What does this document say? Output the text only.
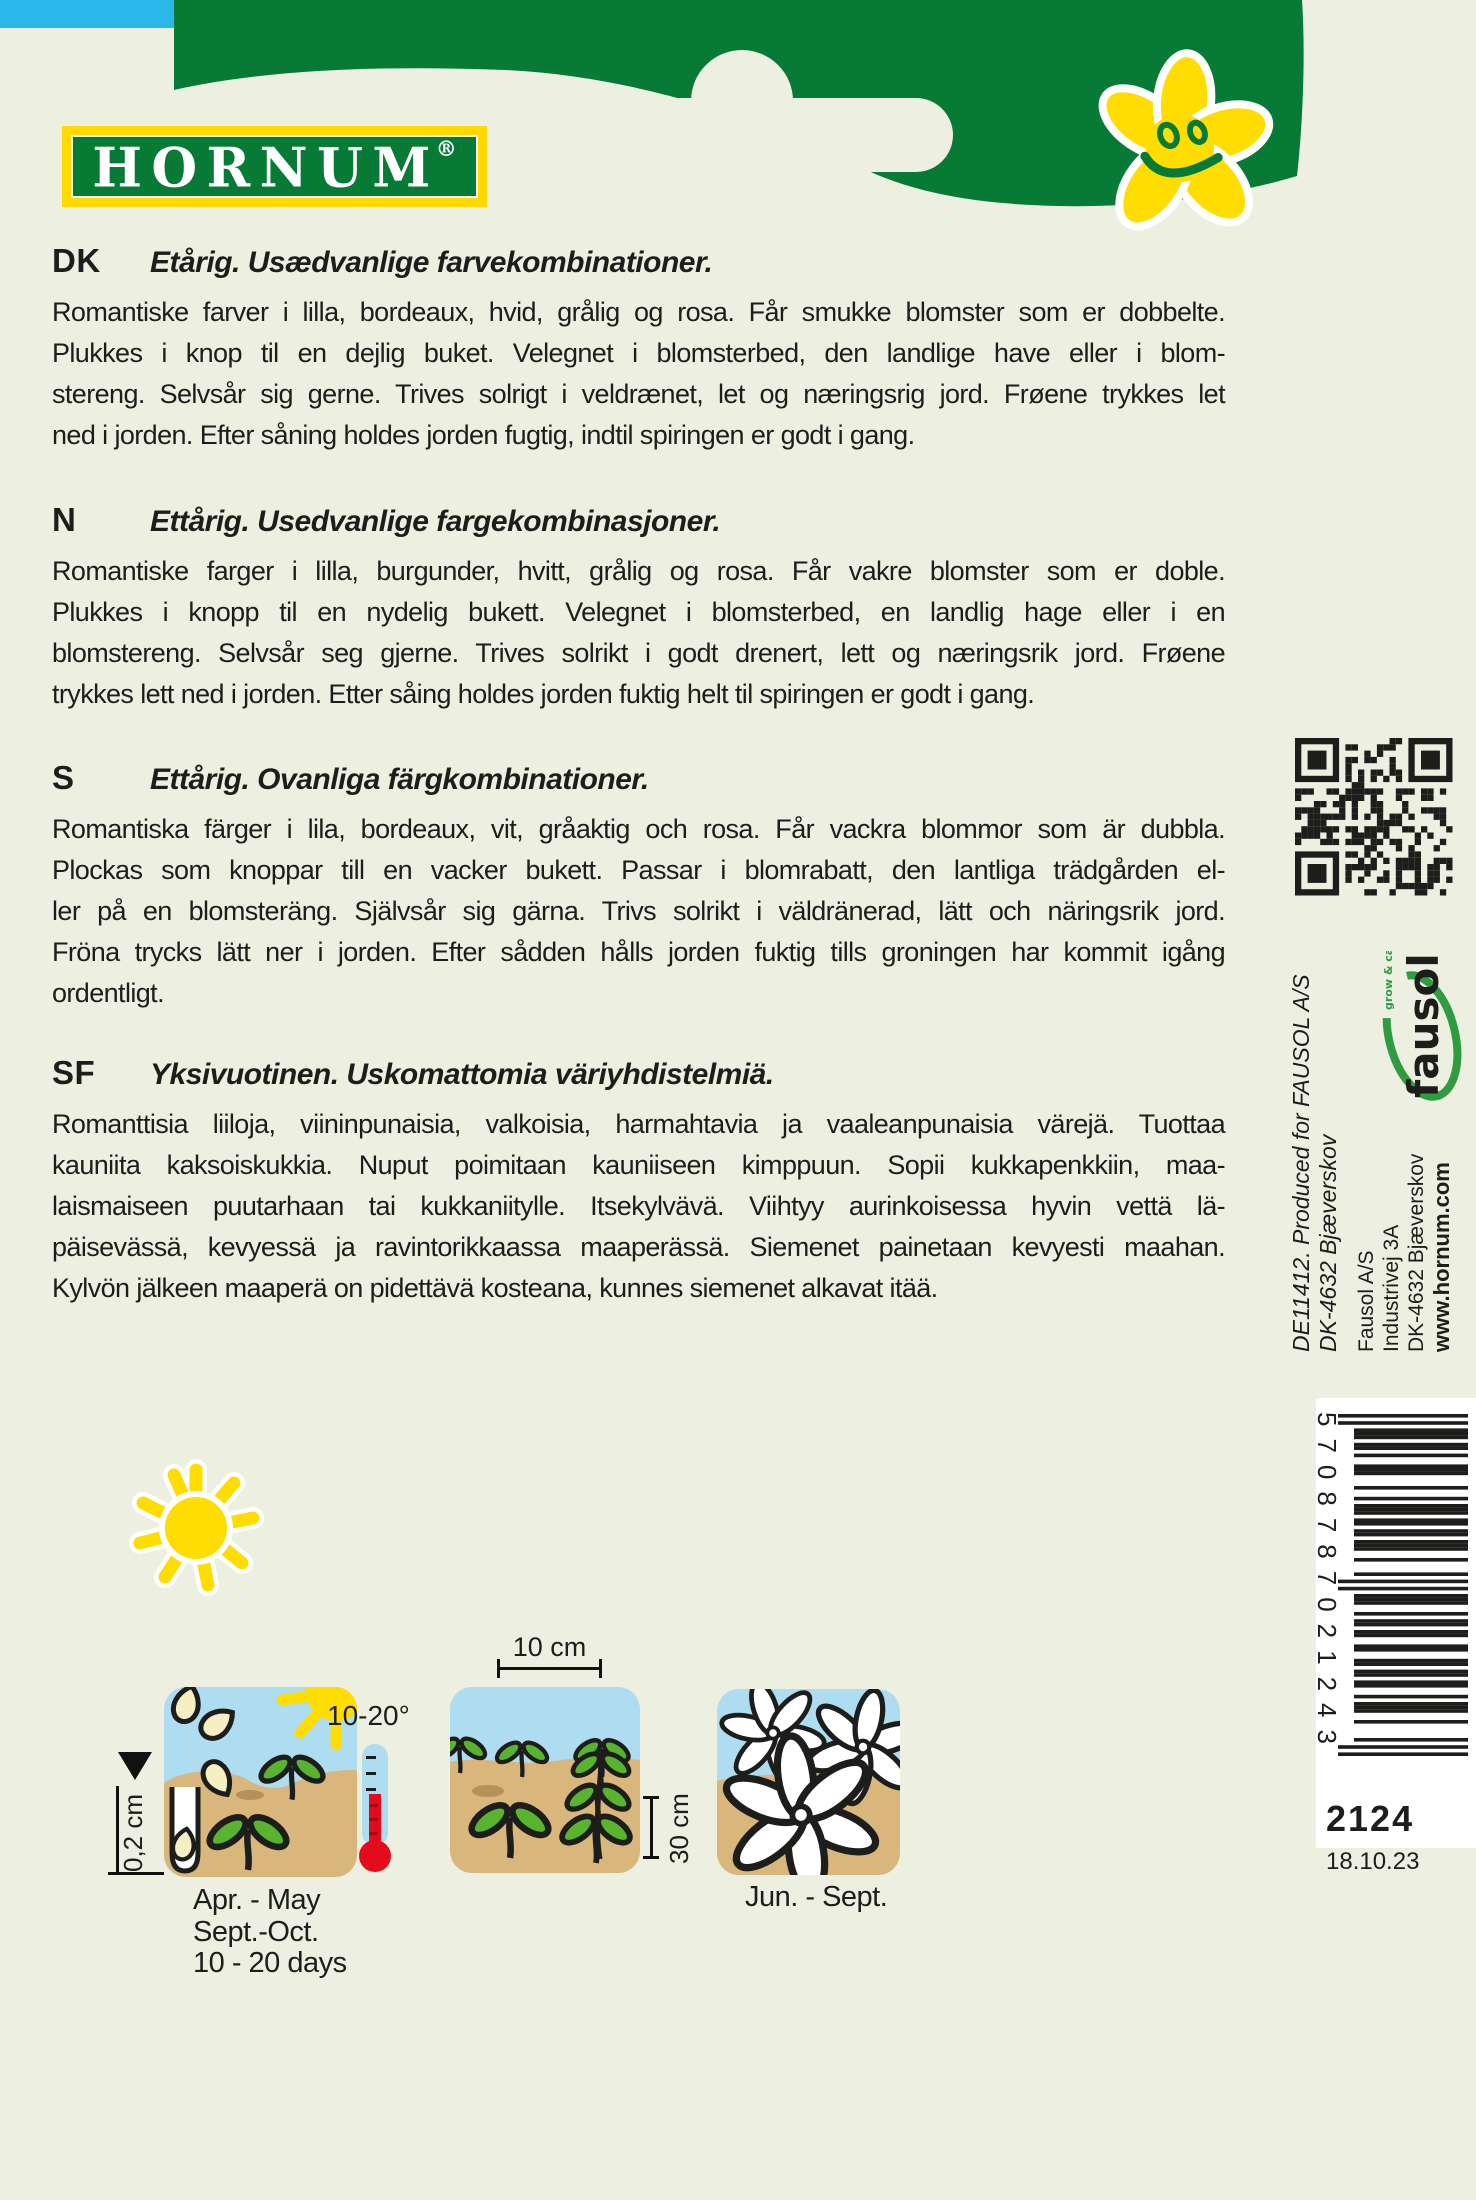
HORNUM®
DK	Etårig. Usædvanlige farvekombinationer.
Romantiske farver i lilla, bordeaux, hvid, grålig og rosa. Får smukke blomster som er dobbelte.
Plukkes i knop til en dejlig buket. Velegnet i blomsterbed, den landlige have eller i blom-
stereng. Selvsår sig gerne. Trives solrigt i veldrænet, let og næringsrig jord. Frøene trykkes let
ned i jorden. Efter såning holdes jorden fugtig, indtil spiringen er godt i gang.
N	Ettårig. Usedvanlige fargekombinasjoner.
Romantiske farger i lilla, burgunder, hvitt, grålig og rosa. Får vakre blomster som er doble.
Plukkes i knopp til en nydelig bukett. Velegnet i blomsterbed, en landlig hage eller i en
blomstereng. Selvsår seg gjerne. Trives solrikt i godt drenert, lett og næringsrik jord. Frøene
trykkes lett ned i jorden. Etter såing holdes jorden fuktig helt til spiringen er godt i gang.
S	Ettårig. Ovanliga färgkombinationer.
Romantiska färger i lila, bordeaux, vit, gråaktig och rosa. Får vackra blommor som är dubbla.
Plockas som knoppar till en vacker bukett. Passar i blomrabatt, den lantliga trädgården el-
ler på en blomsteräng. Självsår sig gärna. Trivs solrikt i väldränerad, lätt och näringsrik jord.
Fröna trycks lätt ner i jorden. Efter sådden hålls jorden fuktig tills groningen har kommit igång
ordentligt.
SF	Yksivuotinen. Uskomattomia väriyhdistelmiä.
Romanttisia liiloja, viininpunaisia, valkoisia, harmahtavia ja vaaleanpunaisia värejä. Tuottaa
kauniita kaksoiskukkia. Nuput poimitaan kauniiseen kimppuun. Sopii kukkapenkkiin, maa-
laismaiseen puutarhaan tai kukkaniitylle. Itsekylvävä. Viihtyy aurinkoisessa hyvin vettä lä-
päisevässä, kevyessä ja ravintorikkaassa maaperässä. Siemenet painetaan kevyesti maahan.
Kylvön jälkeen maaperä on pidettävä kosteana, kunnes siemenet alkavat itää.	DE11412. Produced for FAUSOL A/S DK-4632 Bjæverskov
fausol
grow & care
Fausol A/S Industrivej 3A DK-4632 Bjæverskov www.hornum.com
5708787021243
2124
18.10.23
0,2 cm
10-20°
10 cm
30 cm
Apr. - May
Sept.-Oct.
10 - 20 days
Jun. - Sept.
